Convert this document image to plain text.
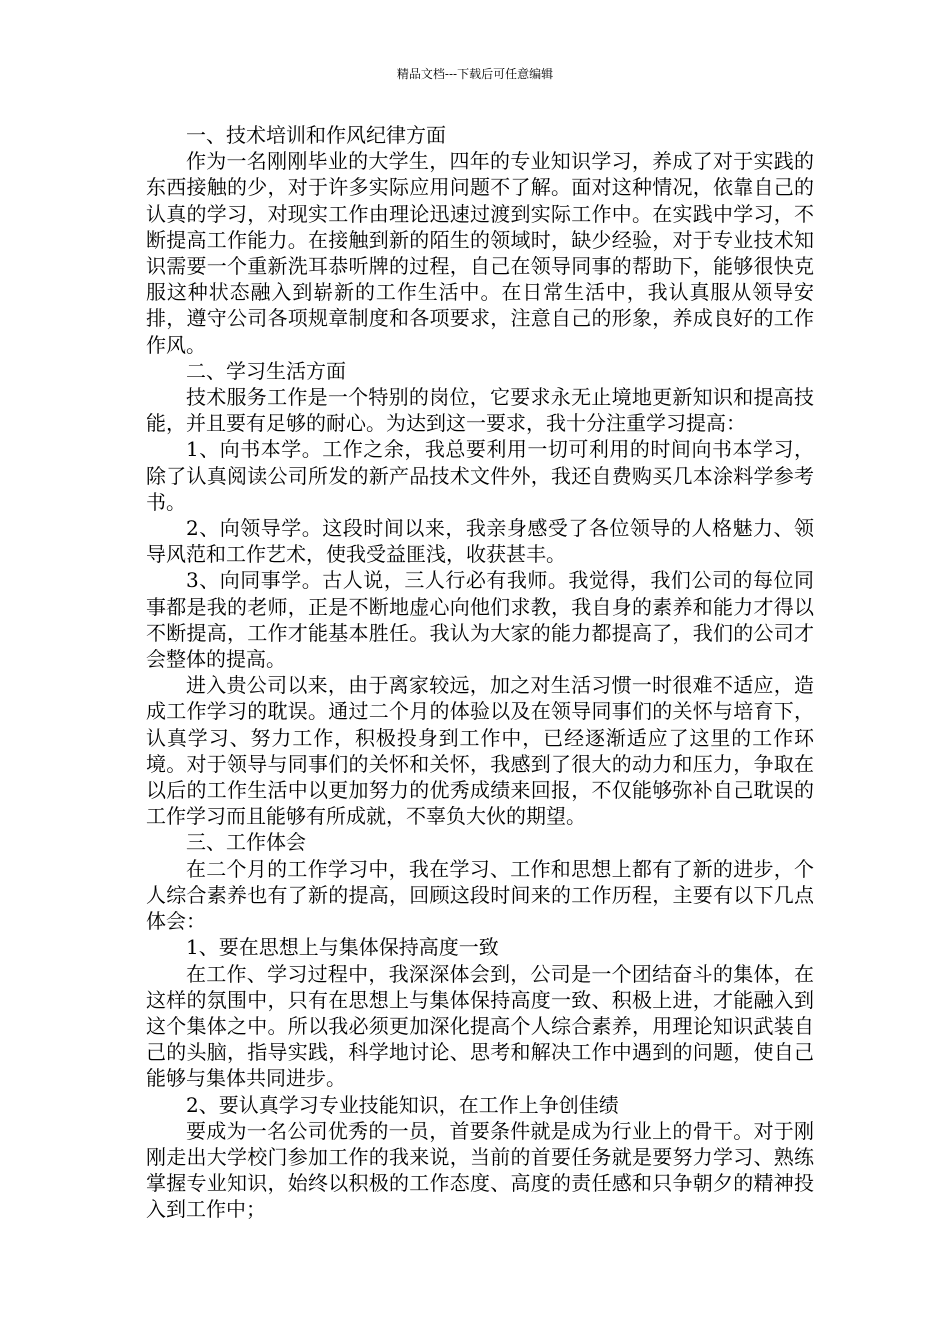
精品文档---下载后可任意编辑

一、技术培训和作风纪律方面

作为一名刚刚毕业的大学生，四年的专业知识学习，养成了对于实践的东西接触的少，对于许多实际应用问题不了解。面对这种情况，依靠自己的认真的学习，对现实工作由理论迅速过渡到实际工作中。在实践中学习，不断提高工作能力。在接触到新的陌生的领域时，缺少经验，对于专业技术知识需要一个重新洗耳恭听牌的过程，自己在领导同事的帮助下，能够很快克服这种状态融入到崭新的工作生活中。在日常生活中，我认真服从领导安排，遵守公司各项规章制度和各项要求，注意自己的形象，养成良好的工作作风。

二、学习生活方面

技术服务工作是一个特别的岗位，它要求永无止境地更新知识和提高技能，并且要有足够的耐心。为达到这一要求，我十分注重学习提高：

1、向书本学。工作之余，我总要利用一切可利用的时间向书本学习，除了认真阅读公司所发的新产品技术文件外，我还自费购买几本涂料学参考书。

2、向领导学。这段时间以来，我亲身感受了各位领导的人格魅力、领导风范和工作艺术，使我受益匪浅，收获甚丰。

3、向同事学。古人说，三人行必有我师。我觉得，我们公司的每位同事都是我的老师，正是不断地虚心向他们求教，我自身的素养和能力才得以不断提高，工作才能基本胜任。我认为大家的能力都提高了，我们的公司才会整体的提高。

进入贵公司以来，由于离家较远，加之对生活习惯一时很难不适应，造成工作学习的耽误。通过二个月的体验以及在领导同事们的关怀与培育下，认真学习、努力工作，积极投身到工作中，已经逐渐适应了这里的工作环境。对于领导与同事们的关怀和关怀，我感到了很大的动力和压力，争取在以后的工作生活中以更加努力的优秀成绩来回报，不仅能够弥补自己耽误的工作学习而且能够有所成就，不辜负大伙的期望。

三、工作体会

在二个月的工作学习中，我在学习、工作和思想上都有了新的进步，个人综合素养也有了新的提高，回顾这段时间来的工作历程，主要有以下几点体会：

1、要在思想上与集体保持高度一致

在工作、学习过程中，我深深体会到，公司是一个团结奋斗的集体，在这样的氛围中，只有在思想上与集体保持高度一致、积极上进，才能融入到这个集体之中。所以我必须更加深化提高个人综合素养，用理论知识武装自己的头脑，指导实践，科学地讨论、思考和解决工作中遇到的问题，使自己能够与集体共同进步。

2、要认真学习专业技能知识，在工作上争创佳绩

要成为一名公司优秀的一员，首要条件就是成为行业上的骨干。对于刚刚走出大学校门参加工作的我来说，当前的首要任务就是要努力学习、熟练掌握专业知识，始终以积极的工作态度、高度的责任感和只争朝夕的精神投入到工作中；
